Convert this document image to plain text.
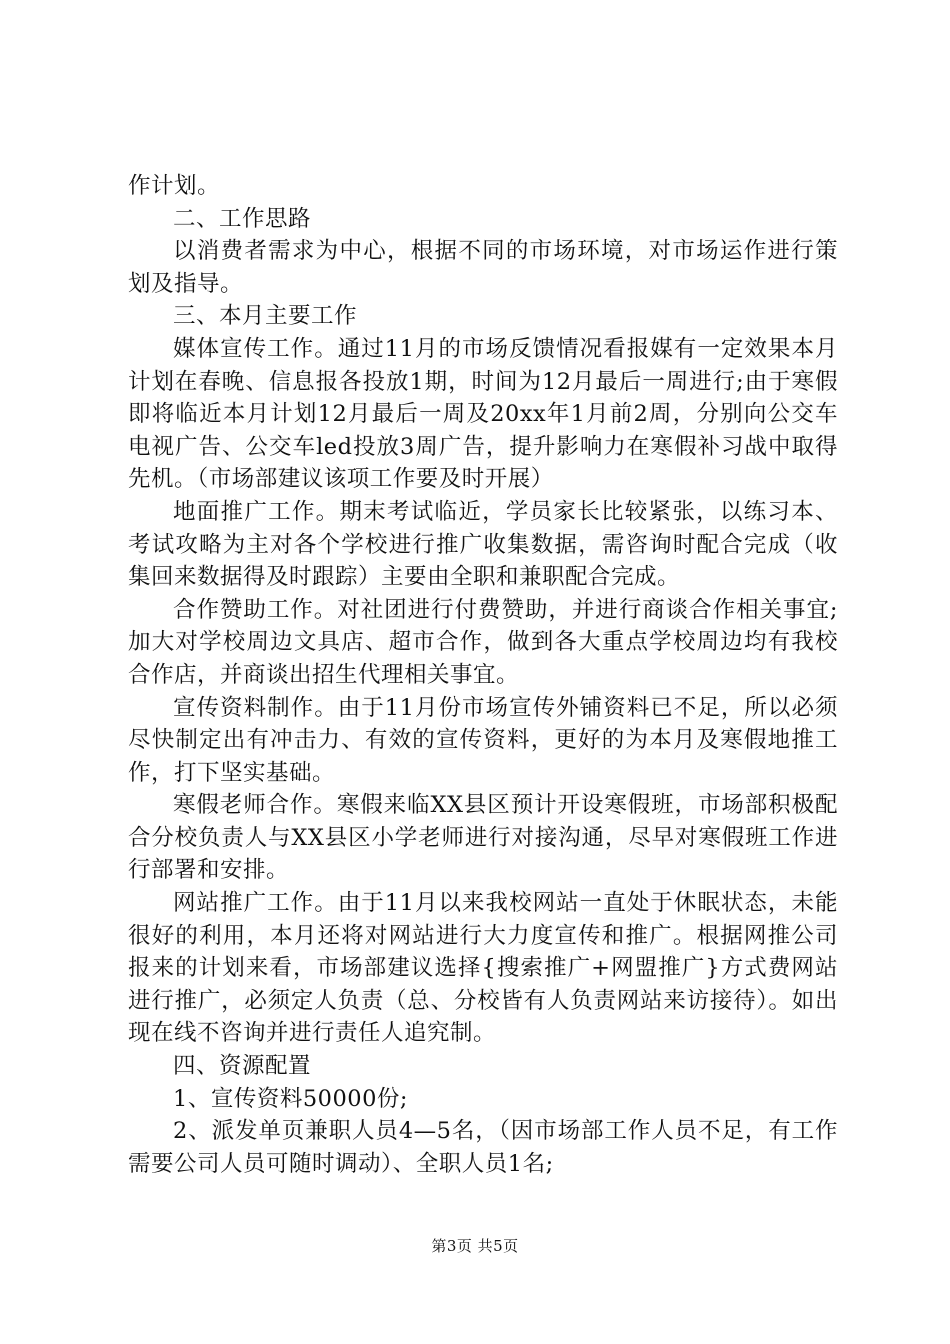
作计划。

二、工作思路

以消费者需求为中心，根据不同的市场环境，对市场运作进行策划及指导。

三、本月主要工作

媒体宣传工作。通过11月的市场反馈情况看报媒有一定效果本月计划在春晚、信息报各投放1期，时间为12月最后一周进行;由于寒假即将临近本月计划12月最后一周及20xx年1月前2周，分别向公交车电视广告、公交车led投放3周广告，提升影响力在寒假补习战中取得先机。（市场部建议该项工作要及时开展）

地面推广工作。期末考试临近，学员家长比较紧张，以练习本、考试攻略为主对各个学校进行推广收集数据，需咨询时配合完成（收集回来数据得及时跟踪）主要由全职和兼职配合完成。

合作赞助工作。对社团进行付费赞助，并进行商谈合作相关事宜;加大对学校周边文具店、超市合作，做到各大重点学校周边均有我校合作店，并商谈出招生代理相关事宜。

宣传资料制作。由于11月份市场宣传外铺资料已不足，所以必须尽快制定出有冲击力、有效的宣传资料，更好的为本月及寒假地推工作，打下坚实基础。

寒假老师合作。寒假来临XX县区预计开设寒假班，市场部积极配合分校负责人与XX县区小学老师进行对接沟通，尽早对寒假班工作进行部署和安排。

网站推广工作。由于11月以来我校网站一直处于休眠状态，未能很好的利用，本月还将对网站进行大力度宣传和推广。根据网推公司报来的计划来看，市场部建议选择{搜索推广+网盟推广}方式费网站进行推广，必须定人负责（总、分校皆有人负责网站来访接待）。如出现在线不咨询并进行责任人追究制。

四、资源配置

1、宣传资料50000份;

2、派发单页兼职人员4—5名，（因市场部工作人员不足，有工作需要公司人员可随时调动）、全职人员1名;

第3页 共5页
